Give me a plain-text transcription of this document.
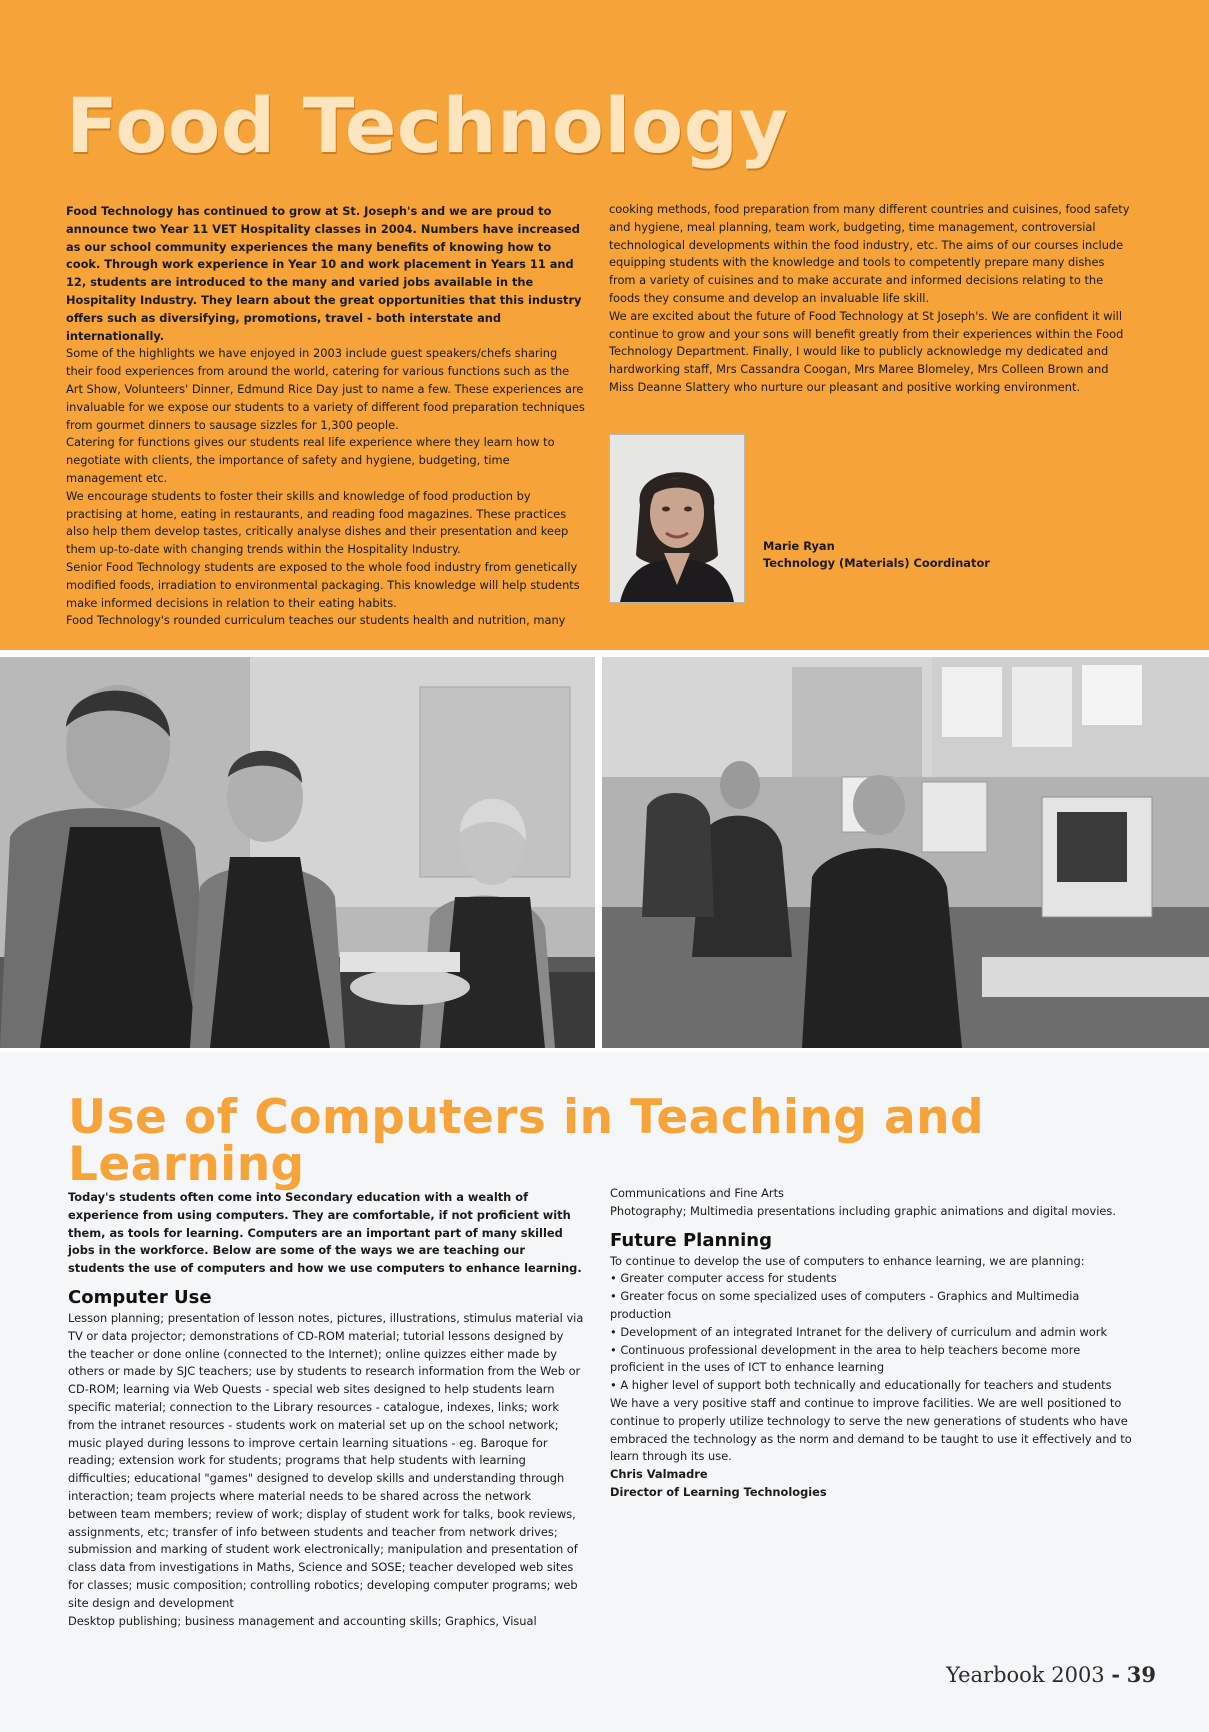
Food Technology

Food Technology has continued to grow at St. Joseph's and we are proud to announce two Year 11 VET Hospitality classes in 2004. Numbers have increased as our school community experiences the many benefits of knowing how to cook. Through work experience in Year 10 and work placement in Years 11 and 12, students are introduced to the many and varied jobs available in the Hospitality Industry. They learn about the great opportunities that this industry offers such as diversifying, promotions, travel - both interstate and internationally.

Some of the highlights we have enjoyed in 2003 include guest speakers/chefs sharing their food experiences from around the world, catering for various functions such as the Art Show, Volunteers' Dinner, Edmund Rice Day just to name a few. These experiences are invaluable for we expose our students to a variety of different food preparation techniques from gourmet dinners to sausage sizzles for 1,300 people.

Catering for functions gives our students real life experience where they learn how to negotiate with clients, the importance of safety and hygiene, budgeting, time management etc.

We encourage students to foster their skills and knowledge of food production by practising at home, eating in restaurants, and reading food magazines. These practices also help them develop tastes, critically analyse dishes and their presentation and keep them up-to-date with changing trends within the Hospitality Industry.

Senior Food Technology students are exposed to the whole food industry from genetically modified foods, irradiation to environmental packaging. This knowledge will help students make informed decisions in relation to their eating habits.

Food Technology's rounded curriculum teaches our students health and nutrition, many

cooking methods, food preparation from many different countries and cuisines, food safety and hygiene, meal planning, team work, budgeting, time management, controversial technological developments within the food industry, etc. The aims of our courses include equipping students with the knowledge and tools to competently prepare many dishes from a variety of cuisines and to make accurate and informed decisions relating to the foods they consume and develop an invaluable life skill.

We are excited about the future of Food Technology at St Joseph's. We are confident it will continue to grow and your sons will benefit greatly from their experiences within the Food Technology Department. Finally, I would like to publicly acknowledge my dedicated and hardworking staff, Mrs Cassandra Coogan, Mrs Maree Blomeley, Mrs Colleen Brown and Miss Deanne Slattery who nurture our pleasant and positive working environment.

Marie Ryan
Technology (Materials) Coordinator
Use of Computers in Teaching and Learning

Today's students often come into Secondary education with a wealth of experience from using computers. They are comfortable, if not proficient with them, as tools for learning. Computers are an important part of many skilled jobs in the workforce. Below are some of the ways we are teaching our students the use of computers and how we use computers to enhance learning.

Computer Use

Lesson planning; presentation of lesson notes, pictures, illustrations, stimulus material via TV or data projector; demonstrations of CD-ROM material; tutorial lessons designed by the teacher or done online (connected to the Internet); online quizzes either made by others or made by SJC teachers; use by students to research information from the Web or CD-ROM; learning via Web Quests - special web sites designed to help students learn specific material; connection to the Library resources - catalogue, indexes, links; work from the intranet resources - students work on material set up on the school network; music played during lessons to improve certain learning situations - eg. Baroque for reading; extension work for students; programs that help students with learning difficulties; educational "games" designed to develop skills and understanding through interaction; team projects where material needs to be shared across the network between team members; review of work; display of student work for talks, book reviews, assignments, etc; transfer of info between students and teacher from network drives; submission and marking of student work electronically; manipulation and presentation of class data from investigations in Maths, Science and SOSE; teacher developed web sites for classes; music composition; controlling robotics; developing computer programs; web site design and development

Desktop publishing; business management and accounting skills; Graphics, Visual

Communications and Fine Arts

Photography; Multimedia presentations including graphic animations and digital movies.

Future Planning

To continue to develop the use of computers to enhance learning, we are planning:

• Greater computer access for students

• Greater focus on some specialized uses of computers - Graphics and Multimedia production

• Development of an integrated Intranet for the delivery of curriculum and admin work

• Continuous professional development in the area to help teachers become more proficient in the uses of ICT to enhance learning

• A higher level of support both technically and educationally for teachers and students

We have a very positive staff and continue to improve facilities. We are well positioned to continue to properly utilize technology to serve the new generations of students who have embraced the technology as the norm and demand to be taught to use it effectively and to learn through its use.

Chris Valmadre

Director of Learning Technologies

Yearbook 2003 - 39
